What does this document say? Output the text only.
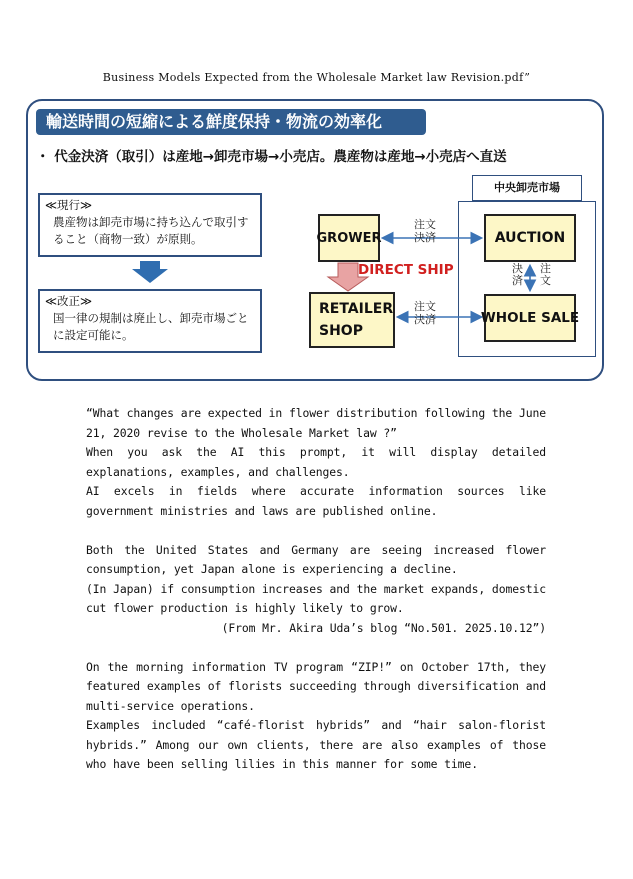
Business Models Expected from the Wholesale Market law Revision.pdf”
輸送時間の短縮による鮮度保持・物流の効率化
・ 代金決済（取引）は産地→卸売市場→小売店。農産物は産地→小売店へ直送
≪現行≫
農産物は卸売市場に持ち込んで取引すること（商物一致）が原則。
≪改正≫
国一律の規制は廃止し、卸売市場ごとに設定可能に。
中央卸売市場
GROWER	AUCTION
RETAILER
SHOP
WHOLE SALE
注文
決済
注文
決済
決済
注文
DIRECT SHIP

“What changes are expected in flower distribution following the June 21, 2020 revise to the Wholesale Market law ?”

When you ask the AI this prompt, it will display detailed explanations, examples, and challenges.

AI excels in fields where accurate information sources like government ministries and laws are published online.

Both the United States and Germany are seeing increased flower consumption, yet Japan alone is experiencing a decline.

(In Japan) if consumption increases and the market expands, domestic cut flower production is highly likely to grow.

(From Mr. Akira Uda’s blog “No.501. 2025.10.12”)

On the morning information TV program “ZIP!” on October 17th, they featured examples of florists succeeding through diversification and multi-service operations.

Examples included “café-florist hybrids” and “hair salon-florist hybrids.” Among our own clients, there are also examples of those who have been selling lilies in this manner for some time.
